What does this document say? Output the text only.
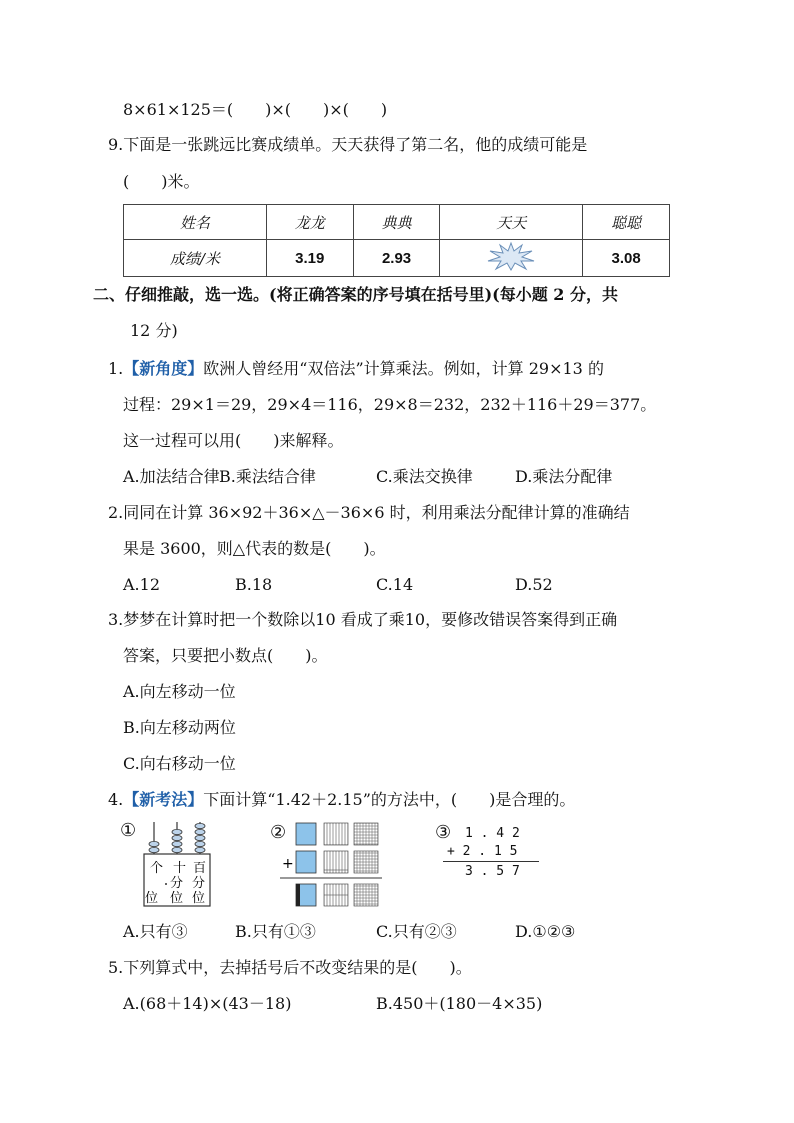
8×61×125＝(　　)×(　　)×(　　)
9.下面是一张跳远比赛成绩单。天天获得了第二名，他的成绩可能是
(　　)米。
姓名	龙龙	典典	天天	聪聪
成绩/米	3.19	2.93		3.08
二、仔细推敲，选一选。(将正确答案的序号填在括号里)(每小题 2 分，共
12 分)
1.【新角度】欧洲人曾经用“双倍法”计算乘法。例如，计算 29×13 的
过程：29×1＝29，29×4＝116，29×8＝232，232＋116＋29＝377。
这一过程可以用(　　)来解释。
A.加法结合律 B.乘法结合律	C.乘法交换律	D.乘法分配律
2.同同在计算 36×92＋36×△－36×6 时，利用乘法分配律计算的准确结
果是 3600，则△代表的数是(　　)。
A.12	B.18	C.14	D.52
3.梦梦在计算时把一个数除以10 看成了乘10，要修改错误答案得到正确
答案，只要把小数点(　　)。
A.向左移动一位
B.向左移动两位
C.向右移动一位
4.【新考法】下面计算“1.42＋2.15”的方法中，(　　)是合理的。
①
个 十 百
位
分 分
位 位
②
+
③ 1 . 4 2
+ 2 . 1 5
3 . 5 7
A.只有③	B.只有①③	C.只有②③	D.①②③
5.下列算式中，去掉括号后不改变结果的是(　　)。
A.(68＋14)×(43－18)	B.450＋(180－4×35)
